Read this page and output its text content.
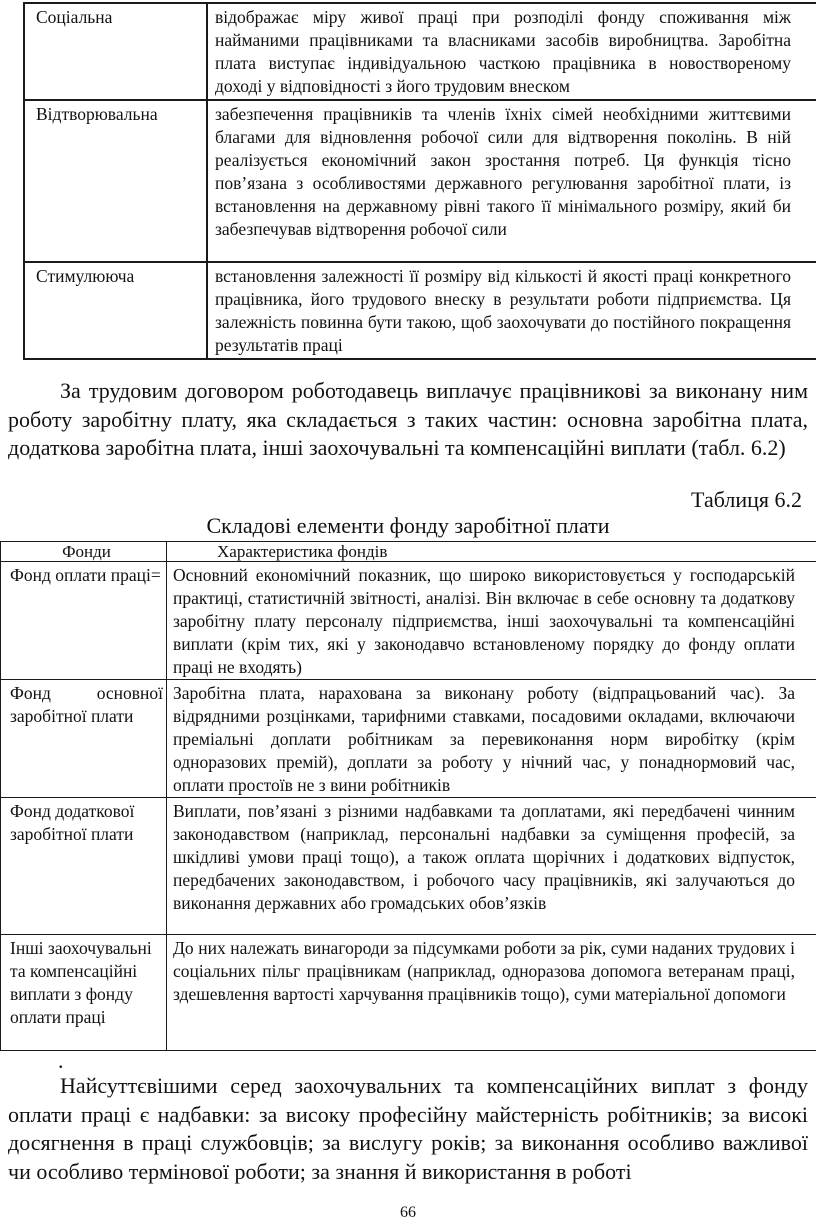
Соціальна	відображає міру живої праці при розподілі фонду споживання між найманими працівниками та власниками засобів виробництва. Заробітна плата виступає індивідуальною часткою працівника в новоствореному доході у відповідності з його трудовим внеском
Відтворювальна	забезпечення працівників та членів їхніх сімей необхідними життєвими благами для відновлення робочої сили для відтворення поколінь. В ній реалізується економічний закон зростання потреб. Ця функція тісно пов’язана з особливостями державного регулювання заробітної плати, із встановлення на державному рівні такого її мінімального розміру, який би забезпечував відтворення робочої сили
Стимулююча	встановлення залежності її розміру від кількості й якості праці конкретного працівника, його трудового внеску в результати роботи підприємства. Ця залежність повинна бути такою, щоб заохочувати до постійного покращення результатів праці

За трудовим договором роботодавець виплачує працівникові за виконану ним роботу заробітну плату, яка складається з таких частин: основна заробітна плата, додаткова заробітна плата, інші заохочувальні та компенсаційні виплати (табл. 6.2)

Таблиця 6.2
Складові елементи фонду заробітної плати
Фонди	Характеристика фондів
Фонд оплати праці=	Основний економічний показник, що широко використовується у господарській практиці, статистичній звітності, аналізі. Він включає в себе основну та додаткову заробітну плату персоналу підприємства, інші заохочувальні та компенсаційні виплати (крім тих, які у законодавчо встановленому порядку до фонду оплати праці не входять)
Фонд основної заробітної плати	Заробітна плата, нарахована за виконану роботу (відпрацьований час). За відрядними розцінками, тарифними ставками, посадовими окладами, включаючи преміальні доплати робітникам за перевиконання норм виробітку (крім одноразових премій), доплати за роботу у нічний час, у понаднормовий час, оплати простоїв не з вини робітників
Фонд додаткової заробітної плати	Виплати, пов’язані з різними надбавками та доплатами, які передбачені чинним законодавством (наприклад, персональні надбавки за суміщення професій, за шкідливі умови праці тощо), а також оплата щорічних і додаткових відпусток, передбачених законодавством, і робочого часу працівників, які залучаються до виконання державних або громадських обов’язків
Інші заохочувальні та компенсаційні виплати з фонду оплати праці	До них належать винагороди за підсумками роботи за рік, суми наданих трудових і соціальних пільг працівникам (наприклад, одноразова допомога ветеранам праці, здешевлення вартості харчування працівників тощо), суми матеріальної допомоги
.

Найсуттєвішими серед заохочувальних та компенсаційних виплат з фонду оплати праці є надбавки: за високу професійну майстерність робітників; за високі досягнення в праці службовців; за вислугу років; за виконання особливо важливої чи особливо термінової роботи; за знання й використання в роботі

66
